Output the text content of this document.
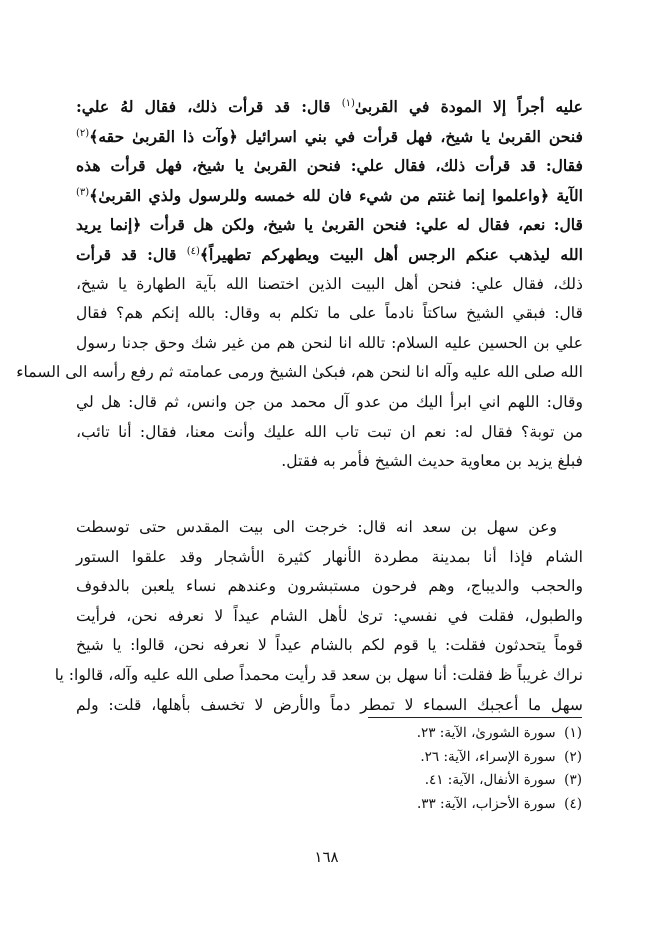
عليه أجراً إلا المودة في القربىٰ$^{(١)}$ قال: قد قرأت ذلك، فقال لهُ علي:
فنحن القربىٰ يا شيخ، فهل قرأت في بني اسرائيل ﴿وآت ذا القربىٰ حقه﴾$^{(٢)}$
فقال: قد قرأت ذلك، فقال علي: فنحن القربىٰ يا شيخ، فهل قرأت هذه
الآية ﴿واعلموا إنما غنتم من شيء فان لله خمسه وللرسول ولذي القربىٰ﴾$^{(٣)}$
قال: نعم، فقال له علي: فنحن القربىٰ يا شيخ، ولكن هل قرأت ﴿إنما يريد
الله ليذهب عنكم الرجس أهل البيت ويطهركم تطهيراً﴾$^{(٤)}$ قال: قد قرأت
ذلك، فقال علي: فنحن أهل البيت الذين اختصنا الله بآية الطهارة يا شيخ،
قال: فبقي الشيخ ساكتاً نادماً على ما تكلم به وقال: بالله إنكم هم؟ فقال
علي بن الحسين عليه السلام: تالله انا لنحن هم من غير شك وحق جدنا رسول
الله صلى الله عليه وآله انا لنحن هم، فبكىٰ الشيخ ورمى عمامته ثم رفع رأسه الى السماء
وقال: اللهم اني ابرأ اليك من عدو آل محمد من جن وانس، ثم قال: هل لي
من توبة؟ فقال له: نعم ان تبت تاب الله عليك وأنت معنا، فقال: أنا تائب،
فبلغ يزيد بن معاوية حديث الشيخ فأمر به فقتل.
وعن سهل بن سعد انه قال: خرجت الى بيت المقدس حتى توسطت
الشام فإذا أنا بمدينة مطردة الأنهار كثيرة الأشجار وقد علقوا الستور
والحجب والديباج، وهم فرحون مستبشرون وعندهم نساء يلعبن بالدفوف
والطبول، فقلت في نفسي: ترىٰ لأهل الشام عيداً لا نعرفه نحن، فرأيت
قوماً يتحدثون فقلت: يا قوم لكم بالشام عيداً لا نعرفه نحن، قالوا: يا شيخ
نراك غريباً ظ فقلت: أنا سهل بن سعد قد رأيت محمداً صلى الله عليه وآله، قالوا: يا
سهل ما أعجبك السماء لا تمطر دماً والأرض لا تخسف بأهلها، قلت: ولم
(١)  سورة الشورىٰ، الآية: ٢٣.
(٢)  سورة الإسراء، الآية: ٢٦.
(٣)  سورة الأنفال، الآية: ٤١.
(٤)  سورة الأحزاب، الآية: ٣٣.
١٦٨
